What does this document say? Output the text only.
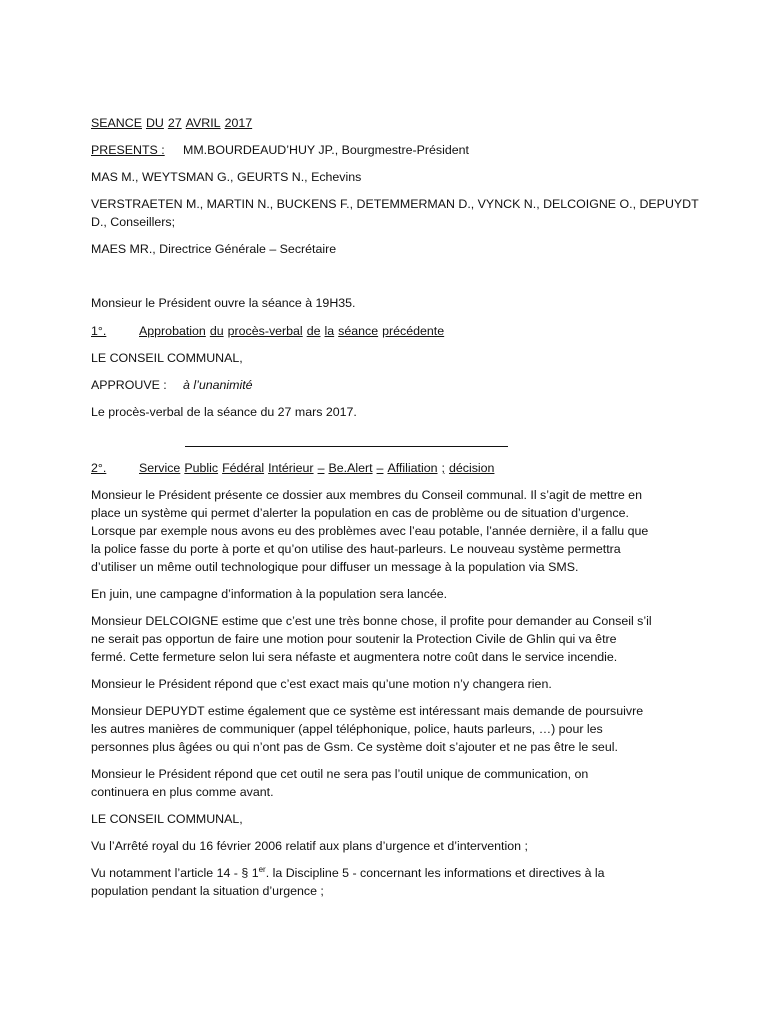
SEANCE DU 27 AVRIL 2017
PRESENTS : MM.BOURDEAUD’HUY JP., Bourgmestre-Président
MAS M., WEYTSMAN G., GEURTS N., Echevins
VERSTRAETEN M., MARTIN N., BUCKENS F., DETEMMERMAN D., VYNCK N., DELCOIGNE O., DEPUYDT
D., Conseillers;
MAES MR., Directrice Générale – Secrétaire
Monsieur le Président ouvre la séance à 19H35.
1°.	Approbation du procès-verbal de la séance précédente
LE CONSEIL COMMUNAL,
APPROUVE : à l’unanimité
Le procès-verbal de la séance du 27 mars 2017.
2°.	Service Public Fédéral Intérieur – Be.Alert – Affiliation ; décision
Monsieur le Président présente ce dossier aux membres du Conseil communal. Il s’agit de mettre en
place un système qui permet d’alerter la population en cas de problème ou de situation d’urgence.
Lorsque par exemple nous avons eu des problèmes avec l’eau potable, l’année dernière, il a fallu que
la police fasse du porte à porte et qu’on utilise des haut-parleurs. Le nouveau système permettra
d’utiliser un même outil technologique pour diffuser un message à la population via SMS.
En juin, une campagne d’information à la population sera lancée.
Monsieur DELCOIGNE estime que c’est une très bonne chose, il profite pour demander au Conseil s’il
ne serait pas opportun de faire une motion pour soutenir la Protection Civile de Ghlin qui va être
fermé. Cette fermeture selon lui sera néfaste et augmentera notre coût dans le service incendie.
Monsieur le Président répond que c’est exact mais qu’une motion n’y changera rien.
Monsieur DEPUYDT estime également que ce système est intéressant mais demande de poursuivre
les autres manières de communiquer (appel téléphonique, police, hauts parleurs, …) pour les
personnes plus âgées ou qui n’ont pas de Gsm. Ce système doit s’ajouter et ne pas être le seul.
Monsieur le Président répond que cet outil ne sera pas l’outil unique de communication, on
continuera en plus comme avant.
LE CONSEIL COMMUNAL,
Vu l’Arrêté royal du 16 février 2006 relatif aux plans d’urgence et d’intervention ;
Vu notamment l’article 14 - § 1er. la Discipline 5 - concernant les informations et directives à la
population pendant la situation d’urgence ;
